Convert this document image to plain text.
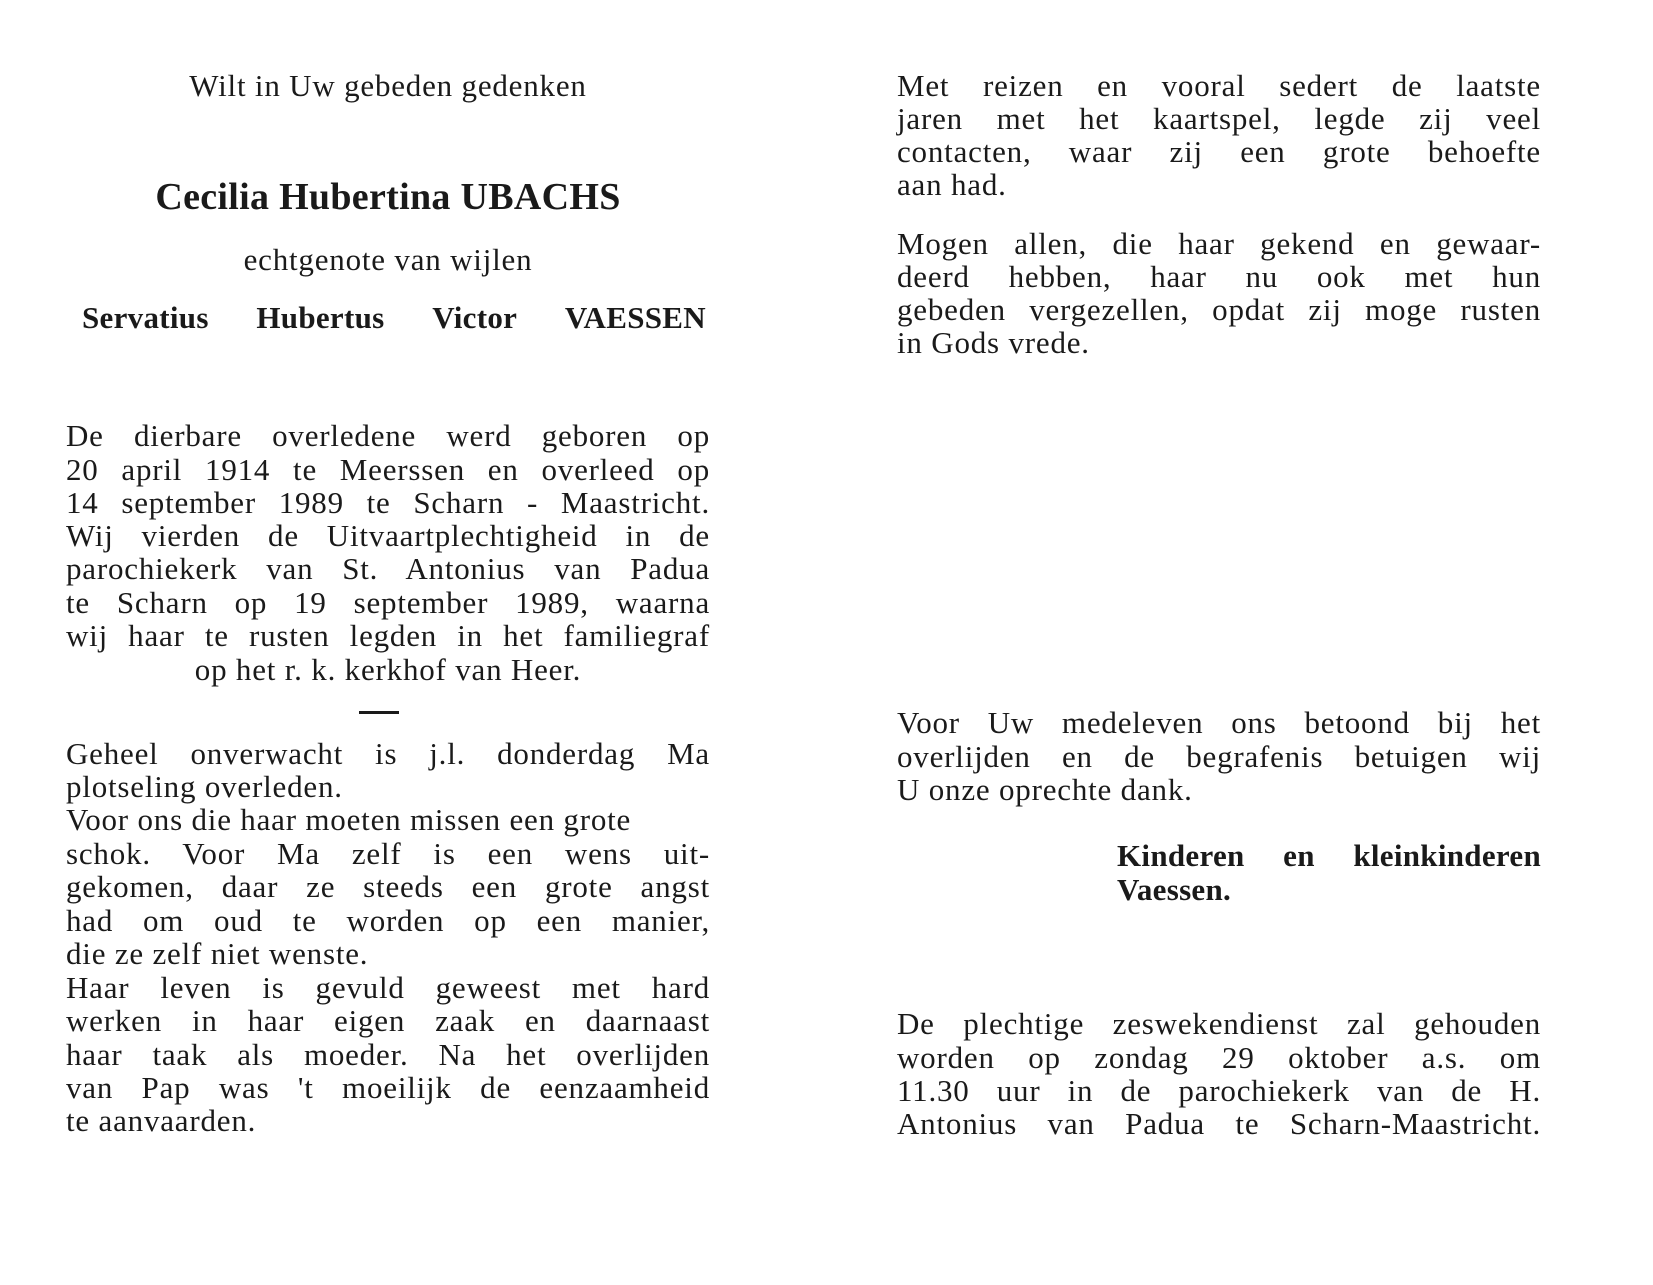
Wilt in Uw gebeden gedenken
Cecilia Hubertina UBACHS
echtgenote van wijlen
Servatius Hubertus Victor VAESSEN
De dierbare overledene werd geboren op
20 april 1914 te Meerssen en overleed op
14 september 1989 te Scharn - Maastricht.
Wij vierden de Uitvaartplechtigheid in de
parochiekerk van St. Antonius van Padua
te Scharn op 19 september 1989, waarna
wij haar te rusten legden in het familiegraf
op het r. k. kerkhof van Heer.
Geheel onverwacht is j.l. donderdag Ma
plotseling overleden.
Voor ons die haar moeten missen een grote
schok. Voor Ma zelf is een wens uit-
gekomen, daar ze steeds een grote angst
had om oud te worden op een manier,
die ze zelf niet wenste.
Haar leven is gevuld geweest met hard
werken in haar eigen zaak en daarnaast
haar taak als moeder. Na het overlijden
van Pap was 't moeilijk de eenzaamheid
te aanvaarden.
Met reizen en vooral sedert de laatste
jaren met het kaartspel, legde zij veel
contacten, waar zij een grote behoefte
aan had.
Mogen allen, die haar gekend en gewaar-
deerd hebben, haar nu ook met hun
gebeden vergezellen, opdat zij moge rusten
in Gods vrede.
Voor Uw medeleven ons betoond bij het
overlijden en de begrafenis betuigen wij
U onze oprechte dank.
Kinderen en kleinkinderen
Vaessen.
De plechtige zeswekendienst zal gehouden
worden op zondag 29 oktober a.s. om
11.30 uur in de parochiekerk van de H.
Antonius van Padua te Scharn-Maastricht.
